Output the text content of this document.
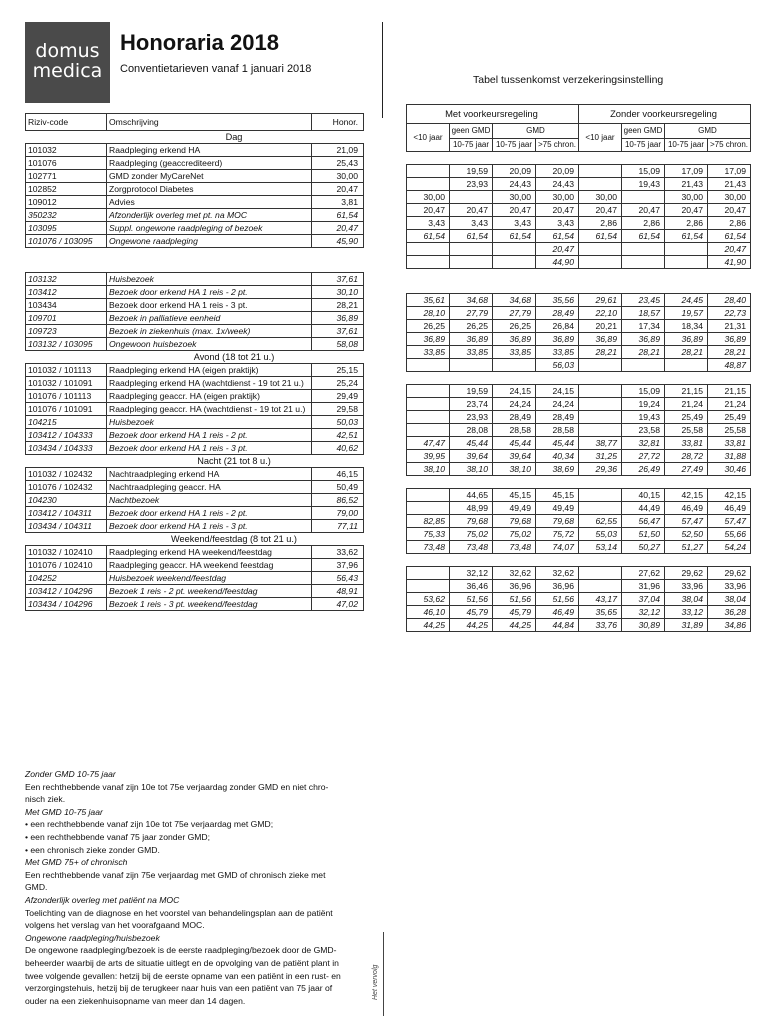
domus
medica
Honoraria 2018
Conventietarieven vanaf 1 januari 2018
Tabel tussenkomst verzekeringsinstelling

Riziv-code	Omschrijving	Honor.
	Dag	
101032	Raadpleging erkend HA	21,09
101076	Raadpleging (geaccrediteerd)	25,43
102771	GMD zonder MyCareNet	30,00
102852	Zorgprotocol Diabetes	20,47
109012	Advies	3,81
350232	Afzonderlijk overleg met pt. na MOC	61,54
103095	Suppl. ongewone raadpleging of bezoek	20,47
101076 / 103095	Ongewone raadpleging	45,90

103132	Huisbezoek	37,61
103412	Bezoek door erkend HA 1 reis - 2 pt.	30,10
103434	Bezoek door erkend HA 1 reis - 3 pt.	28,21
109701	Bezoek in palliatieve eenheid	36,89
109723	Bezoek in ziekenhuis (max. 1x/week)	37,61
103132 / 103095	Ongewoon huisbezoek	58,08
	Avond (18 tot 21 u.)	
101032 / 101113	Raadpleging erkend HA (eigen praktijk)	25,15
101032 / 101091	Raadpleging erkend HA (wachtdienst - 19 tot 21 u.)	25,24
101076 / 101113	Raadpleging geaccr. HA (eigen praktijk)	29,49
101076 / 101091	Raadpleging geaccr. HA (wachtdienst - 19 tot 21 u.)	29,58
104215	Huisbezoek	50,03
103412 / 104333	Bezoek door erkend HA 1 reis - 2 pt.	42,51
103434 / 104333	Bezoek door erkend HA 1 reis - 3 pt.	40,62
	Nacht (21 tot 8 u.)	
101032 / 102432	Nachtraadpleging erkend HA	46,15
101076 / 102432	Nachtraadpleging geaccr. HA	50,49
104230	Nachtbezoek	86,52
103412 / 104311	Bezoek door erkend HA 1 reis - 2 pt.	79,00
103434 / 104311	Bezoek door erkend HA 1 reis - 3 pt.	77,11
	Weekend/feestdag (8 tot 21 u.)	
101032 / 102410	Raadpleging erkend HA weekend/feestdag	33,62
101076 / 102410	Raadpleging geaccr. HA weekend feestdag	37,96
104252	Huisbezoek weekend/feestdag	56,43
103412 / 104296	Bezoek 1 reis - 2 pt. weekend/feestdag	48,91
103434 / 104296	Bezoek 1 reis - 3 pt. weekend/feestdag	47,02
Met voorkeursregeling				Zonder voorkeursregeling			
<10 jaar	geen GMD	GMD		<10 jaar	geen GMD	GMD	
	10-75 jaar	10-75 jaar	>75 chron.		10-75 jaar	10-75 jaar	>75 chron.

	19,59	20,09	20,09		15,09	17,09	17,09
	23,93	24,43	24,43		19,43	21,43	21,43
30,00		30,00	30,00	30,00		30,00	30,00
20,47	20,47	20,47	20,47	20,47	20,47	20,47	20,47
3,43	3,43	3,43	3,43	2,86	2,86	2,86	2,86
61,54	61,54	61,54	61,54	61,54	61,54	61,54	61,54
			20,47				20,47
			44,90				41,90

35,61	34,68	34,68	35,56	29,61	23,45	24,45	28,40
28,10	27,79	27,79	28,49	22,10	18,57	19,57	22,73
26,25	26,25	26,25	26,84	20,21	17,34	18,34	21,31
36,89	36,89	36,89	36,89	36,89	36,89	36,89	36,89
33,85	33,85	33,85	33,85	28,21	28,21	28,21	28,21
			56,03				48,87

	19,59	24,15	24,15		15,09	21,15	21,15
	23,74	24,24	24,24		19,24	21,24	21,24
	23,93	28,49	28,49		19,43	25,49	25,49
	28,08	28,58	28,58		23,58	25,58	25,58
47,47	45,44	45,44	45,44	38,77	32,81	33,81	33,81
39,95	39,64	39,64	40,34	31,25	27,72	28,72	31,88
38,10	38,10	38,10	38,69	29,36	26,49	27,49	30,46

	44,65	45,15	45,15		40,15	42,15	42,15
	48,99	49,49	49,49		44,49	46,49	46,49
82,85	79,68	79,68	79,68	62,55	56,47	57,47	57,47
75,33	75,02	75,02	75,72	55,03	51,50	52,50	55,66
73,48	73,48	73,48	74,07	53,14	50,27	51,27	54,24

	32,12	32,62	32,62		27,62	29,62	29,62
	36,46	36,96	36,96		31,96	33,96	33,96
53,62	51,56	51,56	51,56	43,17	37,04	38,04	38,04
46,10	45,79	45,79	46,49	35,65	32,12	33,12	36,28
44,25	44,25	44,25	44,84	33,76	30,89	31,89	34,86
Zonder GMD 10-75 jaar
Een rechthebbende vanaf zijn 10e tot 75e verjaardag zonder GMD en niet chro-
nisch ziek.
Met GMD 10-75 jaar
• een rechthebbende vanaf zijn 10e tot 75e verjaardag met GMD;
• een rechthebbende vanaf 75 jaar zonder GMD;
• een chronisch zieke zonder GMD.
Met GMD 75+ of chronisch
Een rechthebbende vanaf zijn 75e verjaardag met GMD of chronisch zieke met
GMD.
Afzonderlijk overleg met patiënt na MOC
Toelichting van de diagnose en het voorstel van behandelingsplan aan de patiënt
volgens het verslag van het voorafgaand MOC.
Ongewone raadpleging/huisbezoek
De ongewone raadpleging/bezoek is de eerste raadpleging/bezoek door de GMD-
beheerder waarbij de arts de situatie uitlegt en de opvolging van de patiënt plant in
twee volgende gevallen: hetzij bij de eerste opname van een patiënt in een rust- en
verzorgingstehuis, hetzij bij de terugkeer naar huis van een patiënt van 75 jaar of
ouder na een ziekenhuisopname van meer dan 14 dagen.
Het vervolg
